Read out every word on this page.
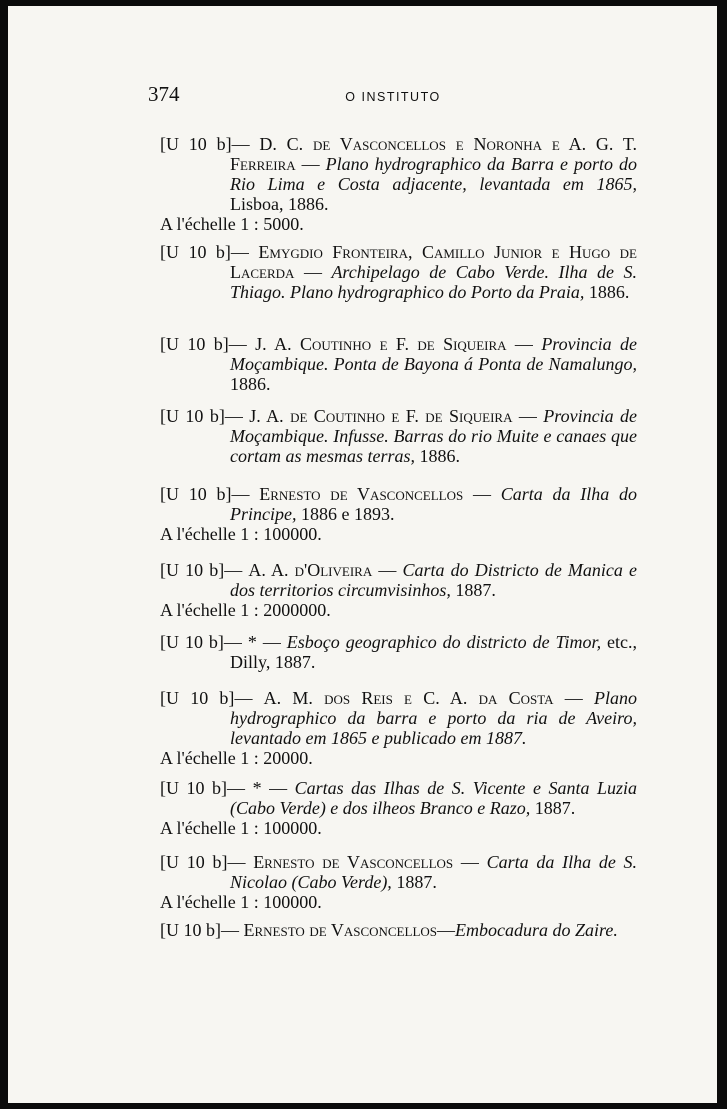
374	O INSTITUTO

[U 10 b]— D. C. de Vasconcellos e Noronha e A. G. T. Ferreira — Plano hydrographico da Barra e porto do Rio Lima e Costa adjacente, levantada em 1865, Lisboa, 1886.

A l'échelle 1 : 5000.

[U 10 b]— Emygdio Fronteira, Camillo Junior e Hugo de Lacerda — Archipelago de Cabo Verde. Ilha de S. Thiago. Plano hydrographico do Porto da Praia, 1886.

[U 10 b]— J. A. Coutinho e F. de Siqueira — Provincia de Moçambique. Ponta de Bayona á Ponta de Namalungo, 1886.

[U 10 b]— J. A. de Coutinho e F. de Siqueira — Provincia de Moçambique. Infusse. Barras do rio Muite e canaes que cortam as mesmas terras, 1886.

[U 10 b]— Ernesto de Vasconcellos — Carta da Ilha do Principe, 1886 e 1893.

A l'échelle 1 : 100000.

[U 10 b]— A. A. d'Oliveira — Carta do Districto de Manica e dos territorios circumvisinhos, 1887.

A l'échelle 1 : 2000000.

[U 10 b]— * — Esboço geographico do districto de Timor, etc., Dilly, 1887.

[U 10 b]— A. M. dos Reis e C. A. da Costa — Plano hydrographico da barra e porto da ria de Aveiro, levantado em 1865 e publicado em 1887.

A l'échelle 1 : 20000.

[U 10 b]— * — Cartas das Ilhas de S. Vicente e Santa Luzia (Cabo Verde) e dos ilheos Branco e Razo, 1887.

A l'échelle 1 : 100000.

[U 10 b]— Ernesto de Vasconcellos — Carta da Ilha de S. Nicolao (Cabo Verde), 1887.

A l'échelle 1 : 100000.

[U 10 b]— Ernesto de Vasconcellos—Embocadura do Zaire.
